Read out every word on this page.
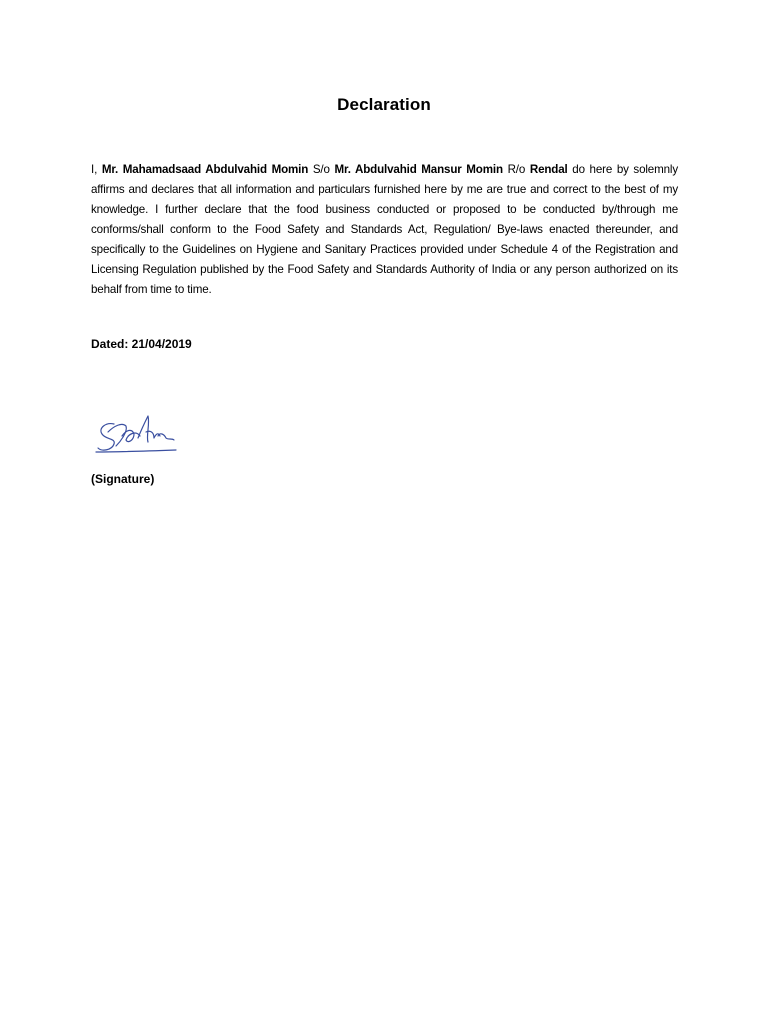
Declaration
I, Mr. Mahamadsaad Abdulvahid Momin S/o Mr. Abdulvahid Mansur Momin R/o Rendal do here by solemnly affirms and declares that all information and particulars furnished here by me are true and correct to the best of my knowledge. I further declare that the food business conducted or proposed to be conducted by/through me conforms/shall conform to the Food Safety and Standards Act, Regulation/ Bye-laws enacted thereunder, and specifically to the Guidelines on Hygiene and Sanitary Practices provided under Schedule 4 of the Registration and Licensing Regulation published by the Food Safety and Standards Authority of India or any person authorized on its behalf from time to time.
Dated: 21/04/2019
(Signature)
